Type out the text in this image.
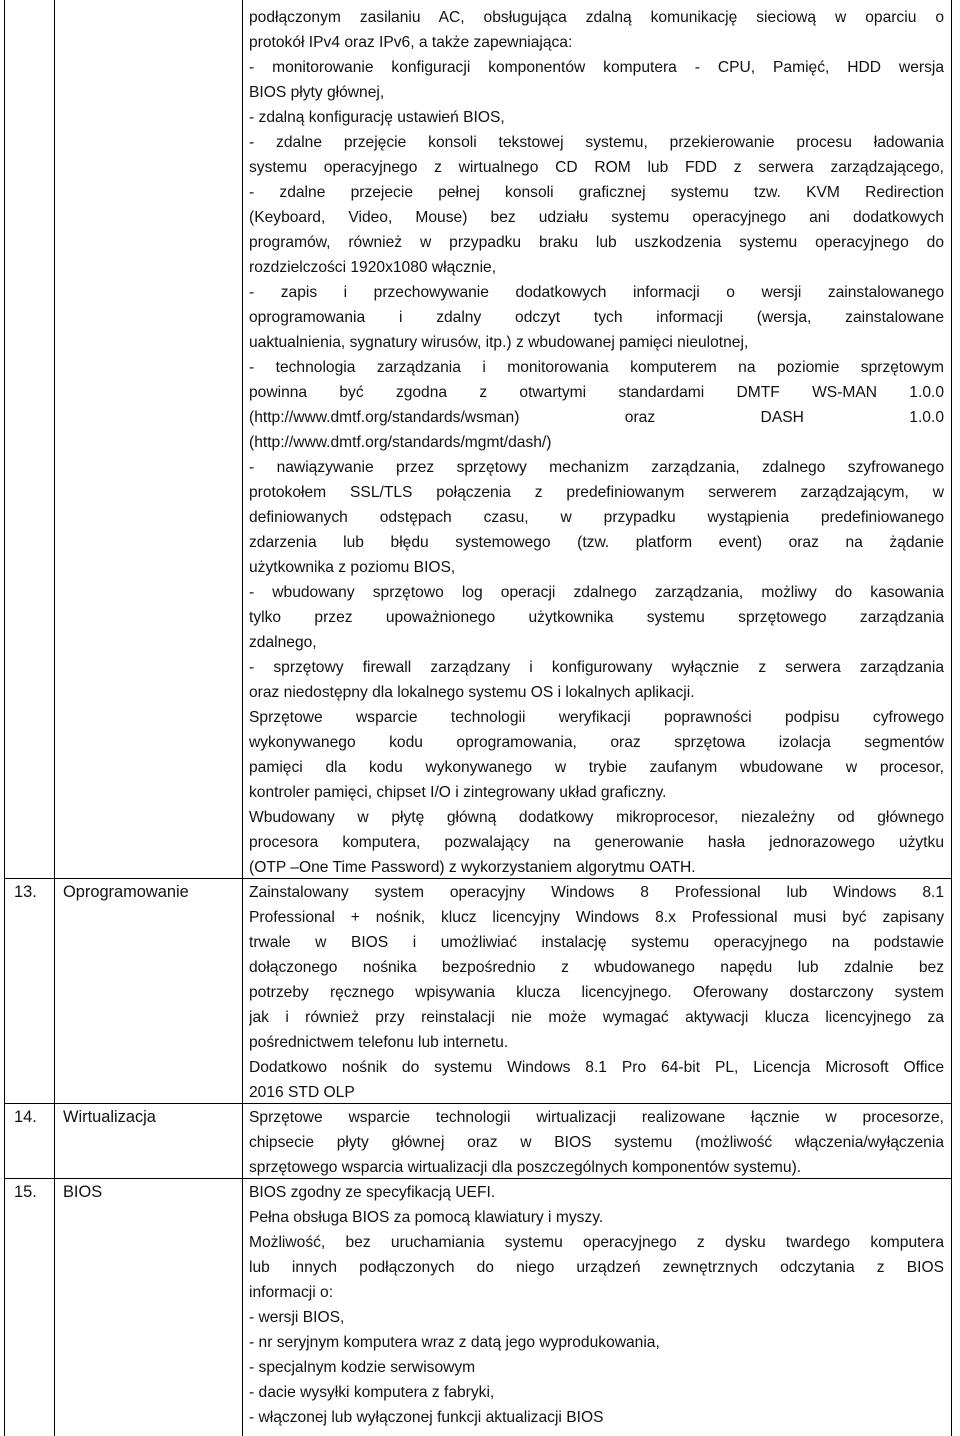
podłączonym zasilaniu AC, obsługująca zdalną komunikację sieciową w oparciu o
protokół IPv4 oraz IPv6, a także zapewniająca:
- monitorowanie konfiguracji komponentów komputera - CPU, Pamięć, HDD wersja
BIOS płyty głównej,
- zdalną konfigurację ustawień BIOS,
- zdalne przejęcie konsoli tekstowej systemu, przekierowanie procesu ładowania
systemu operacyjnego z wirtualnego CD ROM lub FDD z serwera zarządzającego,
- zdalne przejecie pełnej konsoli graficznej systemu tzw. KVM Redirection
(Keyboard, Video, Mouse) bez udziału systemu operacyjnego ani dodatkowych
programów, również w przypadku braku lub uszkodzenia systemu operacyjnego do
rozdzielczości 1920x1080 włącznie,
- zapis i przechowywanie dodatkowych informacji o wersji zainstalowanego
oprogramowania i zdalny odczyt tych informacji (wersja, zainstalowane
uaktualnienia, sygnatury wirusów, itp.) z wbudowanej pamięci nieulotnej,
- technologia zarządzania i monitorowania komputerem na poziomie sprzętowym
powinna być zgodna z otwartymi standardami DMTF WS-MAN 1.0.0
(http://www.dmtf.org/standards/wsman) oraz DASH 1.0.0
(http://www.dmtf.org/standards/mgmt/dash/)
- nawiązywanie przez sprzętowy mechanizm zarządzania, zdalnego szyfrowanego
protokołem SSL/TLS połączenia z predefiniowanym serwerem zarządzającym, w
definiowanych odstępach czasu, w przypadku wystąpienia predefiniowanego
zdarzenia lub błędu systemowego (tzw. platform event) oraz na żądanie
użytkownika z poziomu BIOS,
- wbudowany sprzętowo log operacji zdalnego zarządzania, możliwy do kasowania
tylko przez upoważnionego użytkownika systemu sprzętowego zarządzania
zdalnego,
- sprzętowy firewall zarządzany i konfigurowany wyłącznie z serwera zarządzania
oraz niedostępny dla lokalnego systemu OS i lokalnych aplikacji.
Sprzętowe wsparcie technologii weryfikacji poprawności podpisu cyfrowego
wykonywanego kodu oprogramowania, oraz sprzętowa izolacja segmentów
pamięci dla kodu wykonywanego w trybie zaufanym wbudowane w procesor,
kontroler pamięci, chipset I/O i zintegrowany układ graficzny.
Wbudowany w płytę główną dodatkowy mikroprocesor, niezależny od głównego
procesora komputera, pozwalający na generowanie hasła jednorazowego użytku
(OTP –One Time Password) z wykorzystaniem algorytmu OATH.
13. Oprogramowanie	Zainstalowany system operacyjny Windows 8 Professional lub Windows 8.1
Professional + nośnik, klucz licencyjny Windows 8.x Professional musi być zapisany
trwale w BIOS i umożliwiać instalację systemu operacyjnego na podstawie
dołączonego nośnika bezpośrednio z wbudowanego napędu lub zdalnie bez
potrzeby ręcznego wpisywania klucza licencyjnego. Oferowany dostarczony system
jak i również przy reinstalacji nie może wymagać aktywacji klucza licencyjnego za
pośrednictwem telefonu lub internetu.
Dodatkowo nośnik do systemu Windows 8.1 Pro 64-bit PL, Licencja Microsoft Office
2016 STD OLP
14. Wirtualizacja	Sprzętowe wsparcie technologii wirtualizacji realizowane łącznie w procesorze,
chipsecie płyty głównej oraz w BIOS systemu (możliwość włączenia/wyłączenia
sprzętowego wsparcia wirtualizacji dla poszczególnych komponentów systemu).
15. BIOS	BIOS zgodny ze specyfikacją UEFI.
Pełna obsługa BIOS za pomocą klawiatury i myszy.
Możliwość, bez uruchamiania systemu operacyjnego z dysku twardego komputera
lub innych podłączonych do niego urządzeń zewnętrznych odczytania z BIOS
informacji o:
- wersji BIOS,
- nr seryjnym komputera wraz z datą jego wyprodukowania,
- specjalnym kodzie serwisowym
- dacie wysyłki komputera z fabryki,
- włączonej lub wyłączonej funkcji aktualizacji BIOS
